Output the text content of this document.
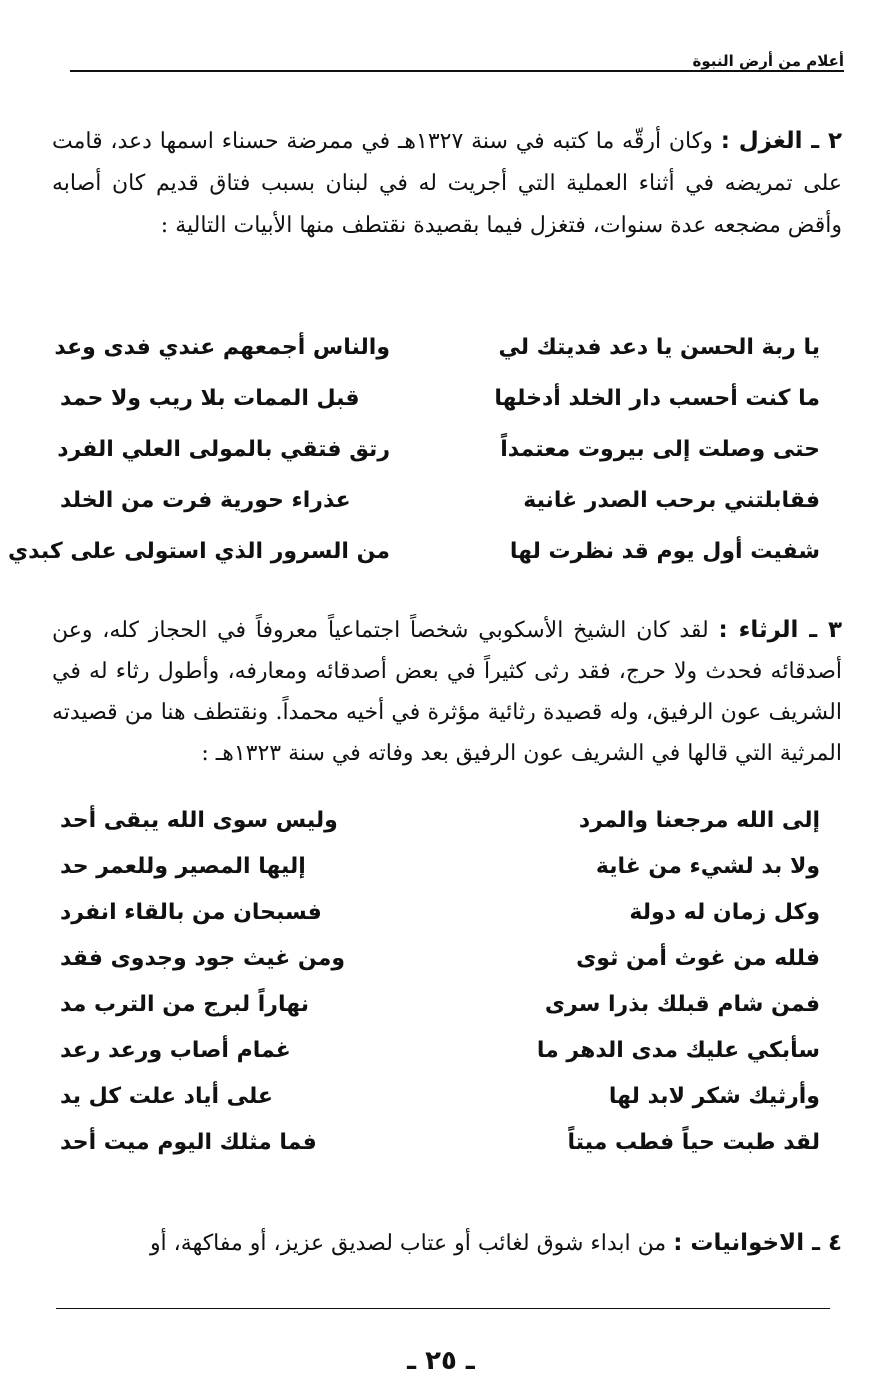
أعلام من أرض النبوة

٢ ـ الغزل : وكان أرقّه ما كتبه في سنة ١٣٢٧هـ في ممرضة حسناء اسمها دعد، قامت على تمريضه في أثناء العملية التي أجريت له في لبنان بسبب فتاق قديم كان أصابه وأقض مضجعه عدة سنوات، فتغزل فيما بقصيدة نقتطف منها الأبيات التالية :

يا ربة الحسن يا دعد فديتك لي
والناس أجمعهم عندي فدى وعد
ما كنت أحسب دار الخلد أدخلها
قبل الممات بلا ريب ولا حمد
حتى وصلت إلى بيروت معتمداً
رتق فتقي بالمولى العلي الفرد
فقابلتني برحب الصدر غانية
عذراء حورية فرت من الخلد
شفيت أول يوم قد نظرت لها
من السرور الذي استولى على كبدي

٣ ـ الرثاء : لقد كان الشيخ الأسكوبي شخصاً اجتماعياً معروفاً في الحجاز كله، وعن أصدقائه فحدث ولا حرج، فقد رثى كثيراً في بعض أصدقائه ومعارفه، وأطول رثاء له في الشريف عون الرفيق، وله قصيدة رثائية مؤثرة في أخيه محمداً. ونقتطف هنا من قصيدته المرثية التي قالها في الشريف عون الرفيق بعد وفاته في سنة ١٣٢٣هـ :

إلى الله مرجعنا والمرد
وليس سوى الله يبقى أحد
ولا بد لشيء من غاية
إليها المصير وللعمر حد
وكل زمان له دولة
فسبحان من بالقاء انفرد
فلله من غوث أمن ثوى
ومن غيث جود وجدوى فقد
فمن شام قبلك بذرا سرى
نهاراً لبرج من الترب مد
سأبكي عليك مدى الدهر ما
غمام أصاب ورعد رعد
وأرثيك شكر لابد لها
على أياد علت كل يد
لقد طبت حياً فطب ميتاً
فما مثلك اليوم ميت أحد

٤ ـ الاخوانيات : من ابداء شوق لغائب أو عتاب لصديق عزيز، أو مفاكهة، أو

ـ ٢٥ ـ
